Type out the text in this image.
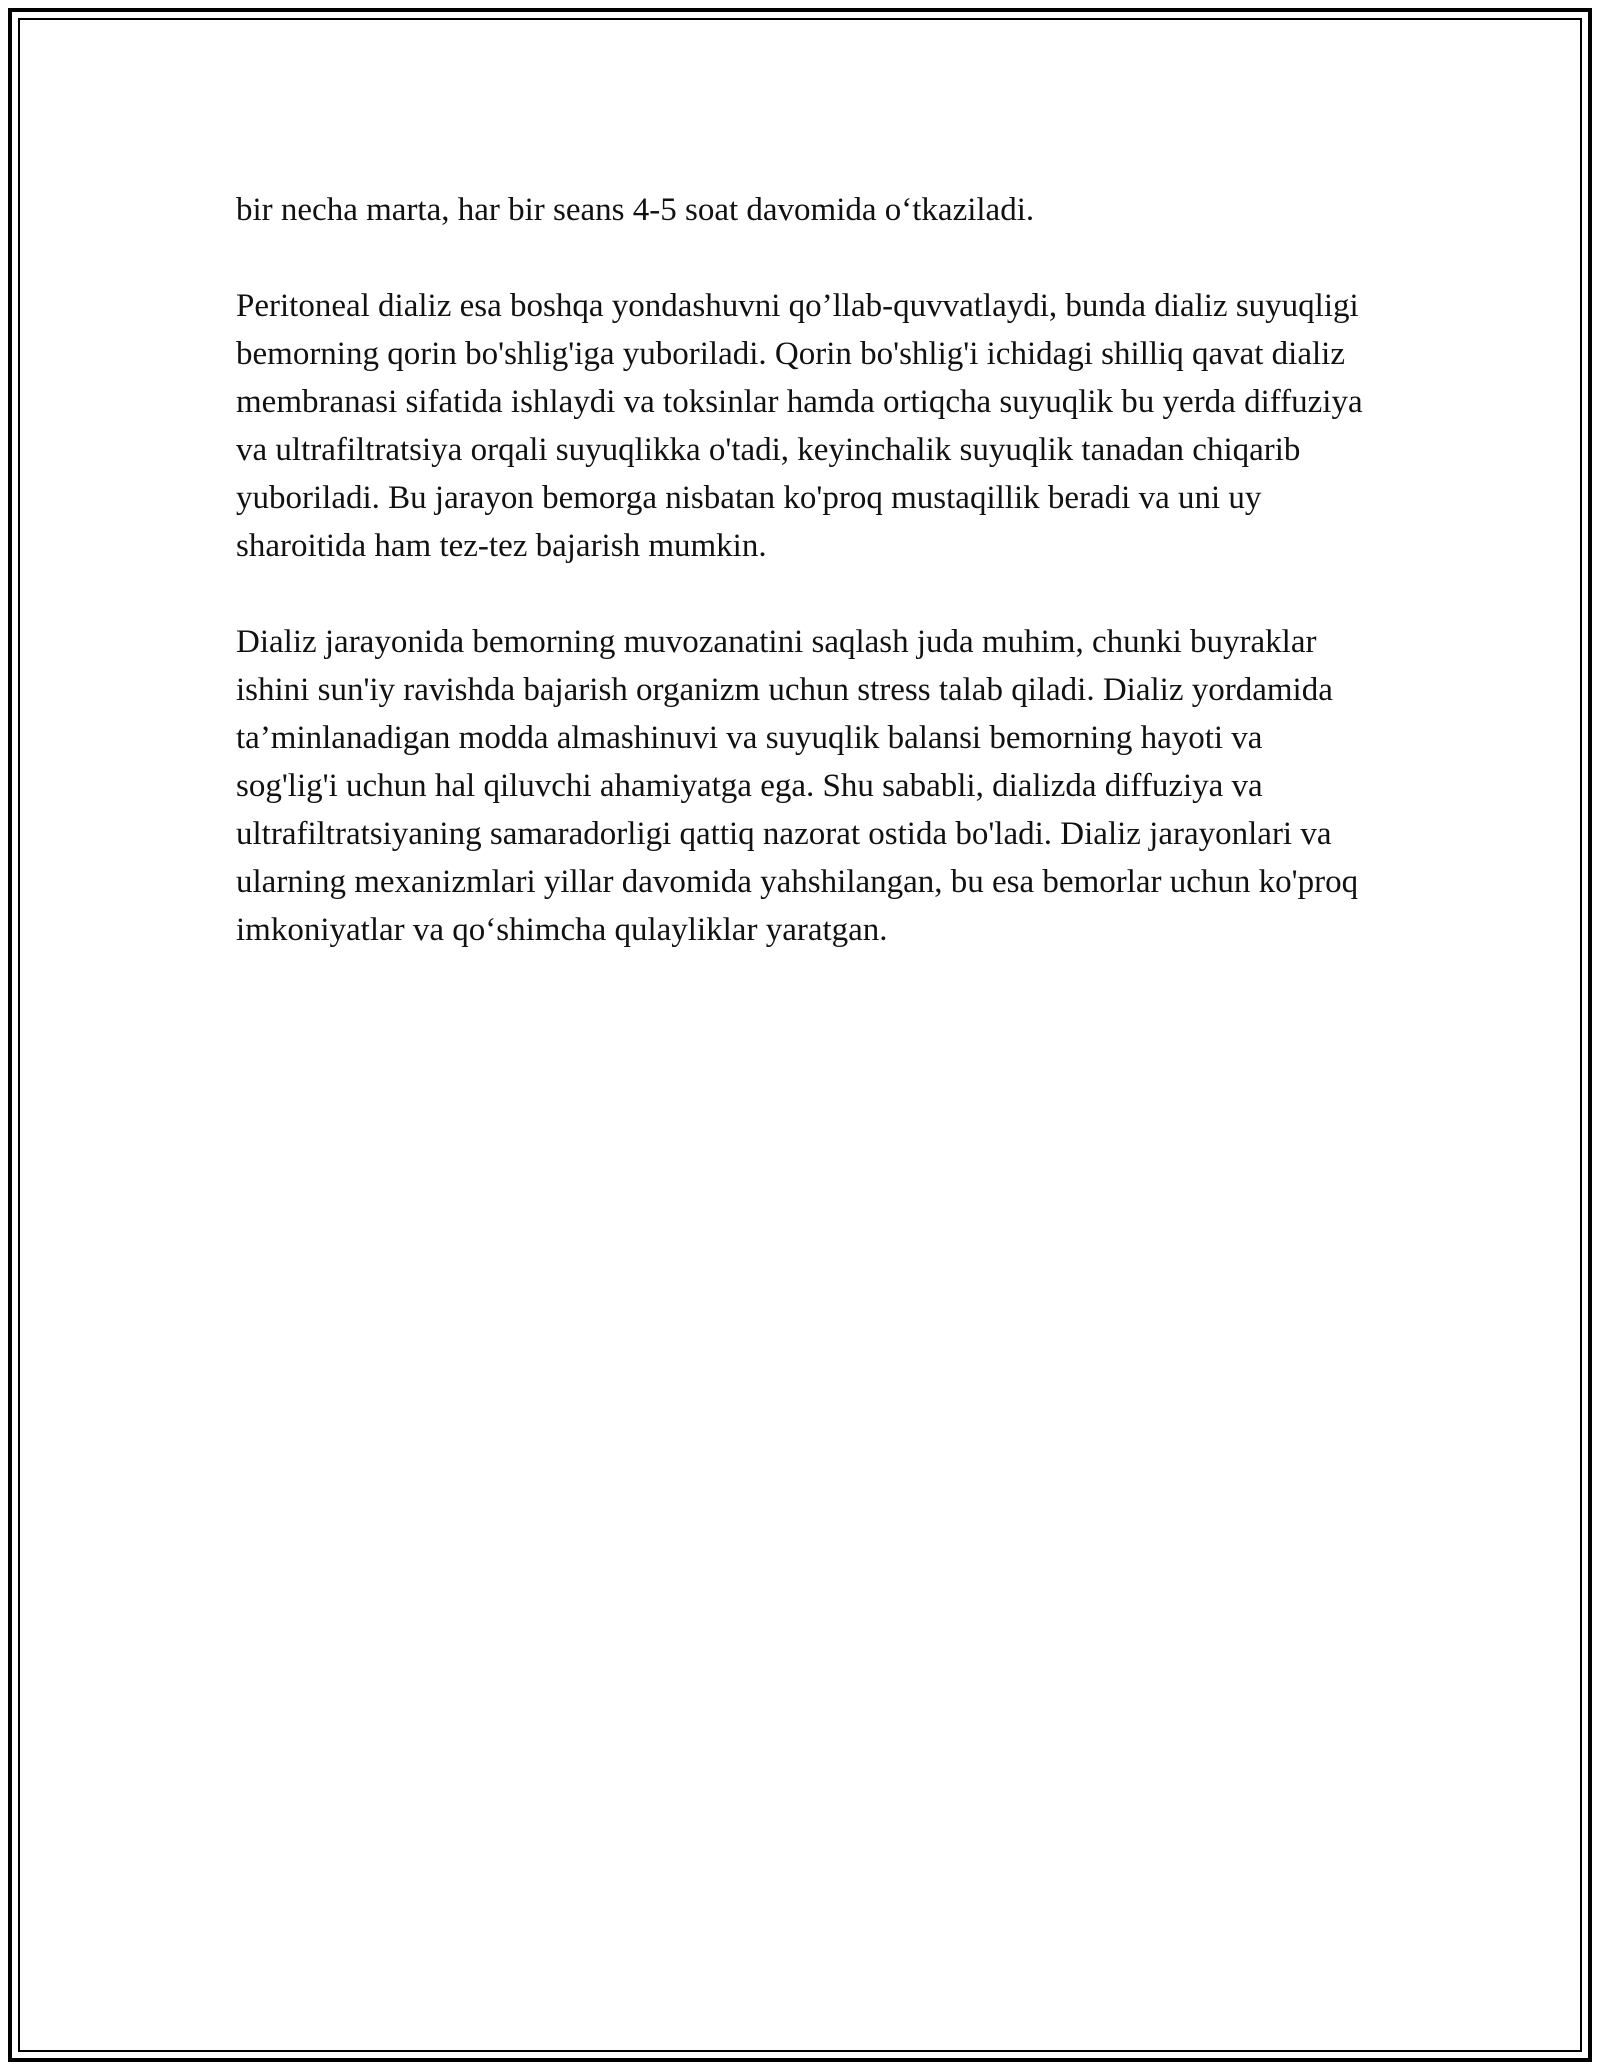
bir necha marta, har bir seans 4-5 soat davomida o‘tkaziladi.

Peritoneal dializ esa boshqa yondashuvni qo’llab-quvvatlaydi, bunda dializ suyuqligi bemorning qorin bo'shlig'iga yuboriladi. Qorin bo'shlig'i ichidagi shilliq qavat dializ membranasi sifatida ishlaydi va toksinlar hamda ortiqcha suyuqlik bu yerda diffuziya va ultrafiltratsiya orqali suyuqlikka o'tadi, keyinchalik suyuqlik tanadan chiqarib yuboriladi. Bu jarayon bemorga nisbatan ko'proq mustaqillik beradi va uni uy sharoitida ham tez-tez bajarish mumkin.

Dializ jarayonida bemorning muvozanatini saqlash juda muhim, chunki buyraklar ishini sun'iy ravishda bajarish organizm uchun stress talab qiladi. Dializ yordamida ta’minlanadigan modda almashinuvi va suyuqlik balansi bemorning hayoti va sog'lig'i uchun hal qiluvchi ahamiyatga ega. Shu sababli, dializda diffuziya va ultrafiltratsiyaning samaradorligi qattiq nazorat ostida bo'ladi. Dializ jarayonlari va ularning mexanizmlari yillar davomida yahshilangan, bu esa bemorlar uchun ko'proq imkoniyatlar va qo‘shimcha qulayliklar yaratgan.
